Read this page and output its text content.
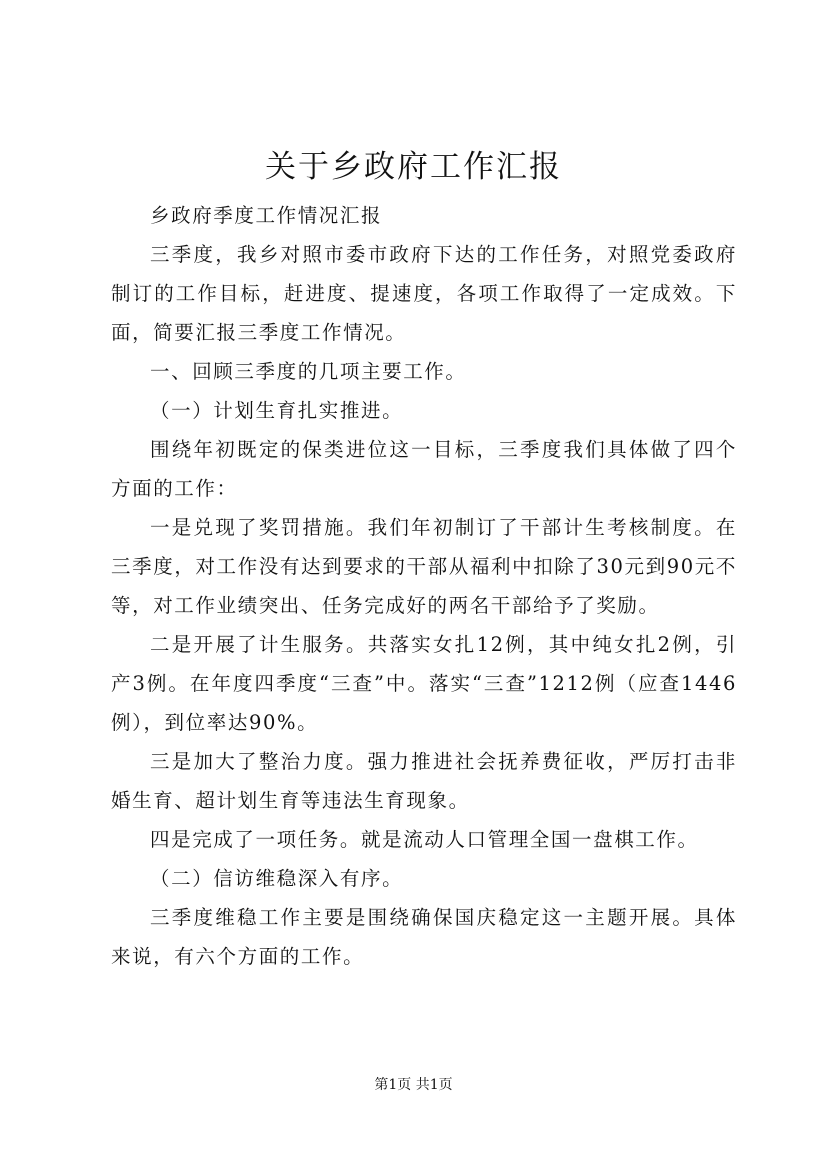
关于乡政府工作汇报

乡政府季度工作情况汇报

三季度，我乡对照市委市政府下达的工作任务，对照党委政府制订的工作目标，赶进度、提速度，各项工作取得了一定成效。下面，简要汇报三季度工作情况。

一、回顾三季度的几项主要工作。

（一）计划生育扎实推进。

围绕年初既定的保类进位这一目标，三季度我们具体做了四个方面的工作：

一是兑现了奖罚措施。我们年初制订了干部计生考核制度。在三季度，对工作没有达到要求的干部从福利中扣除了30元到90元不等，对工作业绩突出、任务完成好的两名干部给予了奖励。

二是开展了计生服务。共落实女扎12例，其中纯女扎2例，引产3例。在年度四季度“三查”中。落实“三查”1212例（应查1446例），到位率达90%。

三是加大了整治力度。强力推进社会抚养费征收，严厉打击非婚生育、超计划生育等违法生育现象。

四是完成了一项任务。就是流动人口管理全国一盘棋工作。

（二）信访维稳深入有序。

三季度维稳工作主要是围绕确保国庆稳定这一主题开展。具体来说，有六个方面的工作。

第1页 共1页
